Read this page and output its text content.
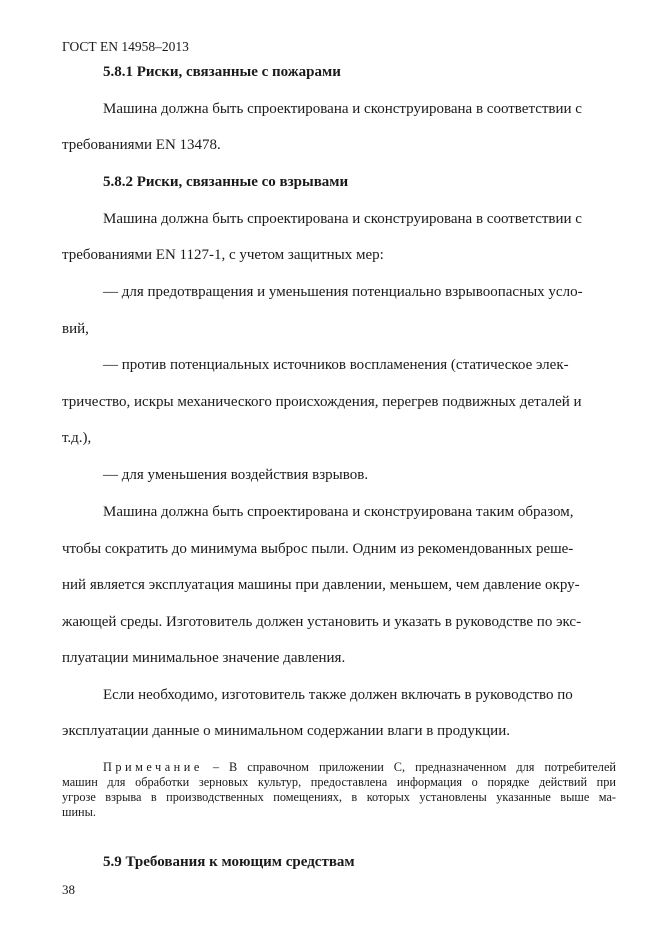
ГОСТ EN 14958–2013
5.8.1 Риски, связанные с пожарами
Машина должна быть спроектирована и сконструирована в соответствии с
требованиями EN 13478.
5.8.2 Риски, связанные со взрывами
Машина должна быть спроектирована и сконструирована в соответствии с
требованиями EN 1127-1, с учетом защитных мер:
— для предотвращения и уменьшения потенциально взрывоопасных усло-
вий,
— против потенциальных источников воспламенения (статическое элек-
тричество, искры механического происхождения, перегрев подвижных деталей и
т.д.),
— для уменьшения воздействия взрывов.
Машина должна быть спроектирована и сконструирована таким образом,
чтобы сократить до минимума выброс пыли. Одним из рекомендованных реше-
ний является эксплуатация машины при давлении, меньшем, чем давление окру-
жающей среды. Изготовитель должен установить и указать в руководстве по экс-
плуатации минимальное значение давления.
Если необходимо, изготовитель также должен включать в руководство по
эксплуатации данные о минимальном содержании влаги в продукции.
Примечание – В справочном приложении С, предназначенном для потребителей
машин для обработки зерновых культур, предоставлена информация о порядке действий при
угрозе взрыва в производственных помещениях, в которых установлены указанные выше ма-
шины.
5.9 Требования к моющим средствам
38
